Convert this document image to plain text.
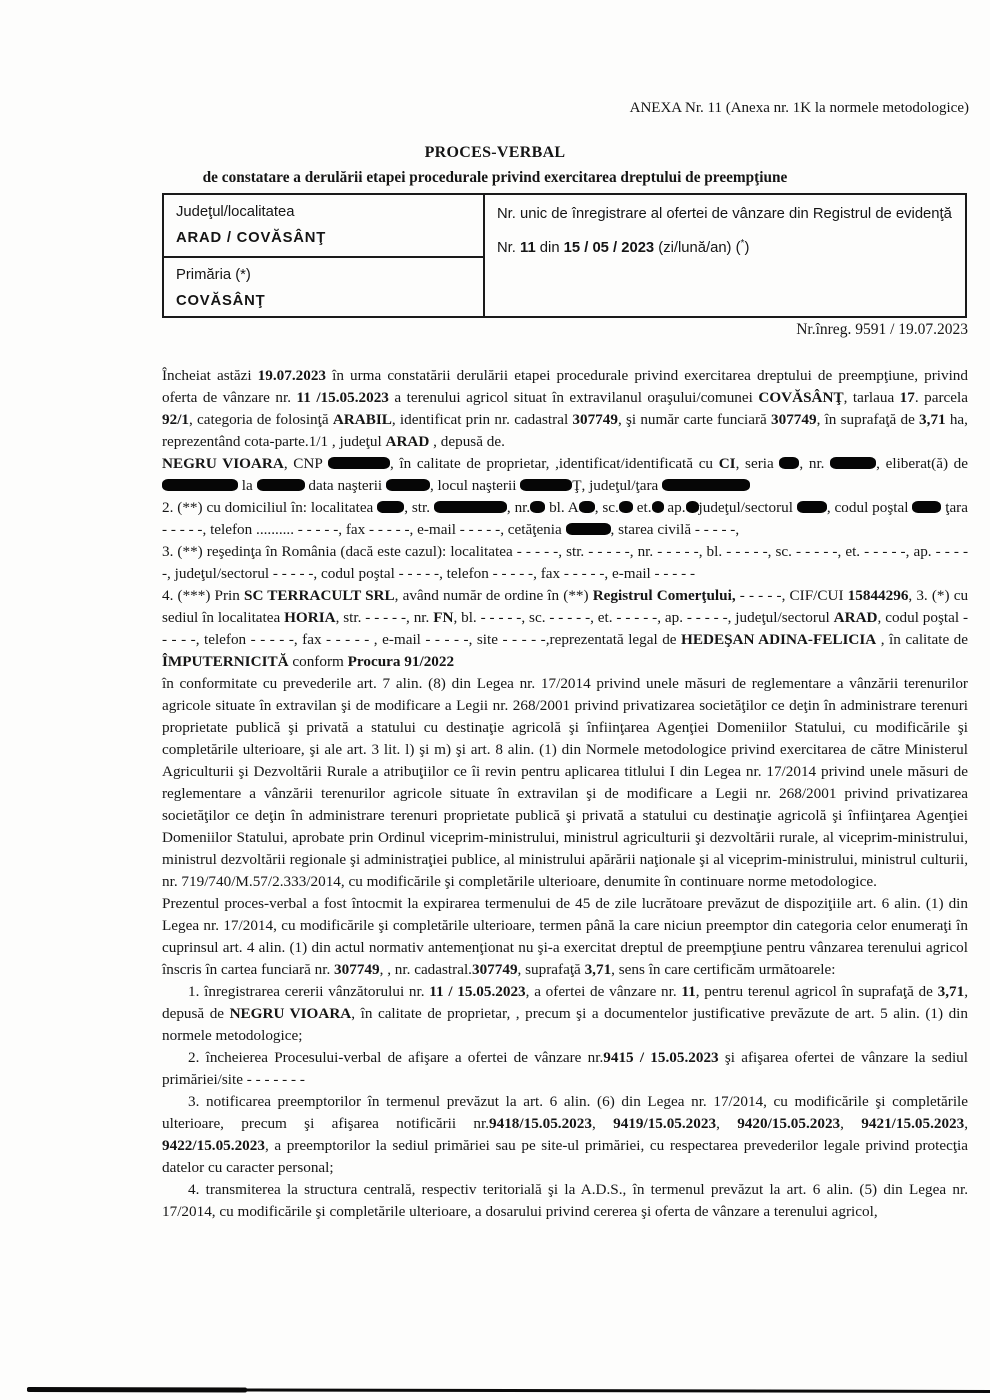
ANEXA Nr. 11 (Anexa nr. 1K la normele metodologice)
PROCES-VERBAL
de constatare a derulării etapei procedurale privind exercitarea dreptului de preempţiune
Judeţul/localitatea
ARAD / COVĂSÂNŢ
Primăria (*)
COVĂSÂNŢ
Nr. unic de înregistrare al ofertei de vânzare din Registrul de evidenţă
Nr. 11 din 15 / 05 / 2023 (zi/lună/an) (*)
Nr.înreg. 9591 / 19.07.2023

Încheiat astăzi 19.07.2023 în urma constatării derulării etapei procedurale privind exercitarea dreptului de preempţiune, privind oferta de vânzare nr. 11 /15.05.2023 a terenului agricol situat în extravilanul oraşului/comunei COVĂSÂNŢ, tarlaua 17. parcela 92/1, categoria de folosinţă ARABIL, identificat prin nr. cadastral 307749, şi număr carte funciară 307749, în suprafaţă de 3,71 ha, reprezentând cota-parte.1/1 , judeţul ARAD , depusă de.

NEGRU VIOARA, CNP	, în calitate de proprietar, ,identificat/identificată cu CI, seria , nr.	, eliberat(ă) de  la	data naşterii	, locul naşterii	Ţ, judeţul/ţara

2. (**) cu domiciliul în: localitatea , str.	, nr. bl. A , sc. et. ap. judeţul/sectorul , codul poştal  ţara - - - - -, telefon .......... - - - - -, fax - - - - -, e-mail - - - - -, cetăţenia	, starea civilă - - - - -,

3. (**) reşedinţa în România (dacă este cazul): localitatea - - - - -, str. - - - - -, nr. - - - - -, bl. - - - - -, sc. - - - - -, et. - - - - -, ap. - - - - -, judeţul/sectorul - - - - -, codul poştal - - - - -, telefon - - - - -, fax - - - - -, e-mail - - - - -

4. (***) Prin SC TERRACULT SRL, având număr de ordine în (**) Registrul Comerţului, - - - - -, CIF/CUI 15844296, 3. (*) cu sediul în localitatea HORIA, str. - - - - -, nr. FN, bl. - - - - -, sc. - - - - -, et. - - - - -, ap. - - - - -, judeţul/sectorul ARAD, codul poştal - - - - -, telefon - - - - -, fax - - - - - , e-mail - - - - -, site - - - - -,reprezentată legal de HEDEŞAN ADINA-FELICIA , în calitate de ÎMPUTERNICITĂ conform Procura 91/2022

în conformitate cu prevederile art. 7 alin. (8) din Legea nr. 17/2014 privind unele măsuri de reglementare a vânzării terenurilor agricole situate în extravilan şi de modificare a Legii nr. 268/2001 privind privatizarea societăţilor ce deţin în administrare terenuri proprietate publică şi privată a statului cu destinaţie agricolă şi înfiinţarea Agenţiei Domeniilor Statului, cu modificările şi completările ulterioare, şi ale art. 3 lit. l) şi m) şi art. 8 alin. (1) din Normele metodologice privind exercitarea de către Ministerul Agriculturii şi Dezvoltării Rurale a atribuţiilor ce îi revin pentru aplicarea titlului I din Legea nr. 17/2014 privind unele măsuri de reglementare a vânzării terenurilor agricole situate în extravilan şi de modificare a Legii nr. 268/2001 privind privatizarea societăţilor ce deţin în administrare terenuri proprietate publică şi privată a statului cu destinaţie agricolă şi înfiinţarea Agenţiei Domeniilor Statului, aprobate prin Ordinul viceprim-ministrului, ministrul agriculturii şi dezvoltării rurale, al viceprim-ministrului, ministrul dezvoltării regionale şi administraţiei publice, al ministrului apărării naţionale şi al viceprim-ministrului, ministrul culturii, nr. 719/740/M.57/2.333/2014, cu modificările şi completările ulterioare, denumite în continuare norme metodologice.

Prezentul proces-verbal a fost întocmit la expirarea termenului de 45 de zile lucrătoare prevăzut de dispoziţiile art. 6 alin. (1) din Legea nr. 17/2014, cu modificările şi completările ulterioare, termen până la care niciun preemptor din categoria celor enumeraţi în cuprinsul art. 4 alin. (1) din actul normativ antemenţionat nu şi-a exercitat dreptul de preempţiune pentru vânzarea terenului agricol înscris în cartea funciară nr. 307749, , nr. cadastral.307749, suprafaţă 3,71, sens în care certificăm următoarele:

1. înregistrarea cererii vânzătorului nr. 11 / 15.05.2023, a ofertei de vânzare nr. 11, pentru terenul agricol în suprafaţă de 3,71, depusă de NEGRU VIOARA, în calitate de proprietar, , precum şi a documentelor justificative prevăzute de art. 5 alin. (1) din normele metodologice;

2. încheierea Procesului-verbal de afişare a ofertei de vânzare nr.9415 / 15.05.2023 şi afişarea ofertei de vânzare la sediul primăriei/site - - - - - - -

3. notificarea preemptorilor în termenul prevăzut la art. 6 alin. (6) din Legea nr. 17/2014, cu modificările şi completările ulterioare, precum şi afişarea notificării nr.9418/15.05.2023, 9419/15.05.2023, 9420/15.05.2023, 9421/15.05.2023, 9422/15.05.2023, a preemptorilor la sediul primăriei sau pe site-ul primăriei, cu respectarea prevederilor legale privind protecţia datelor cu caracter personal;

4. transmiterea la structura centrală, respectiv teritorială şi la A.D.S., în termenul prevăzut la art. 6 alin. (5) din Legea nr. 17/2014, cu modificările şi completările ulterioare, a dosarului privind cererea şi oferta de vânzare a terenului agricol,
